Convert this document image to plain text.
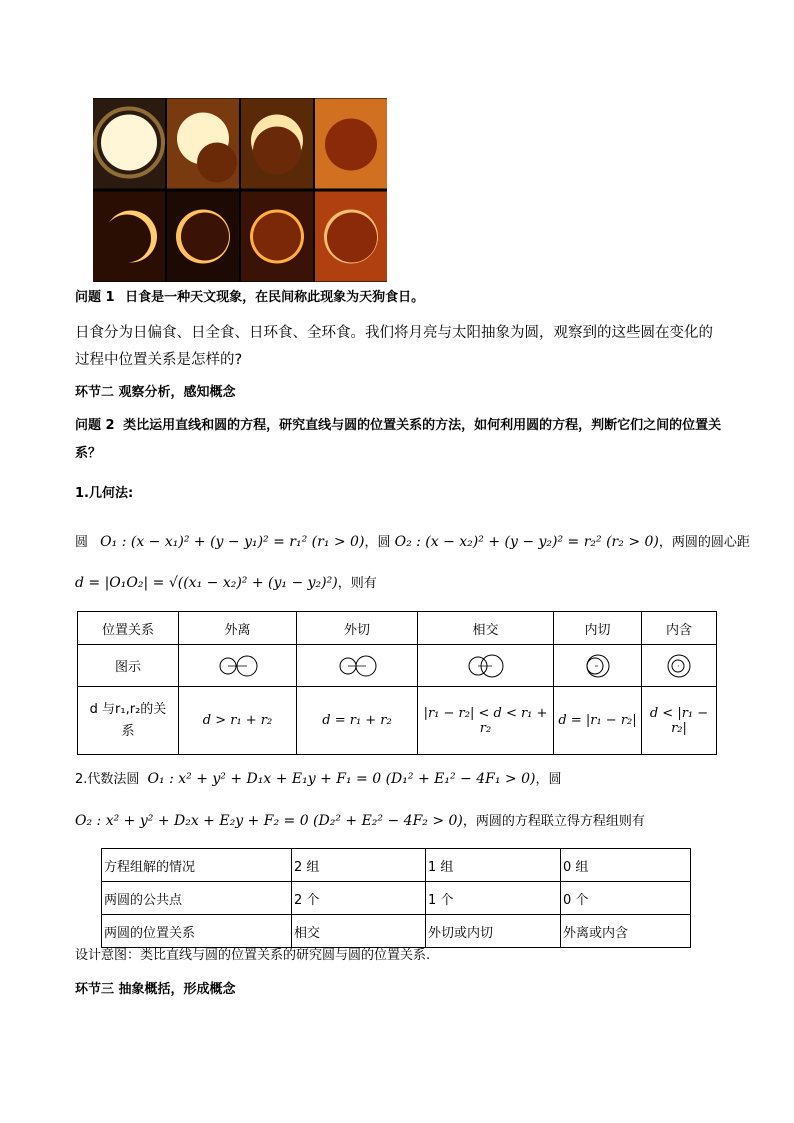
问题 1 日食是一种天文现象，在民间称此现象为天狗食日。
日食分为日偏食、日全食、日环食、全环食。我们将月亮与太阳抽象为圆，观察到的这些圆在变化的过程中位置关系是怎样的?
环节二 观察分析，感知概念
问题 2 类比运用直线和圆的方程，研究直线与圆的位置关系的方法，如何利用圆的方程，判断它们之间的位置关系？
1.几何法:
圆 O₁ : (x − x₁)² + (y − y₁)² = r₁² (r₁ > 0)，圆 O₂ : (x − x₂)² + (y − y₂)² = r₂² (r₂ > 0)，两圆的圆心距
d = |O₁O₂| = √((x₁ − x₂)² + (y₁ − y₂)²)，则有
位置关系	外离	外切	相交	内切	内含
图示	

d 与r₁,r₂的关
系	d > r₁ + r₂	d = r₁ + r₂	|r₁ − r₂| < d < r₁ + r₂	d = |r₁ − r₂|	d < |r₁ − r₂|
2.代数法圆 O₁ : x² + y² + D₁x + E₁y + F₁ = 0 (D₁² + E₁² − 4F₁ > 0)，圆
O₂ : x² + y² + D₂x + E₂y + F₂ = 0 (D₂² + E₂² − 4F₂ > 0)，两圆的方程联立得方程组则有
方程组解的情况	2 组	1 组	0 组
两圆的公共点	2 个	1 个	0 个
两圆的位置关系	相交	外切或内切	外离或内含
设计意图：类比直线与圆的位置关系的研究圆与圆的位置关系.
环节三 抽象概括，形成概念
